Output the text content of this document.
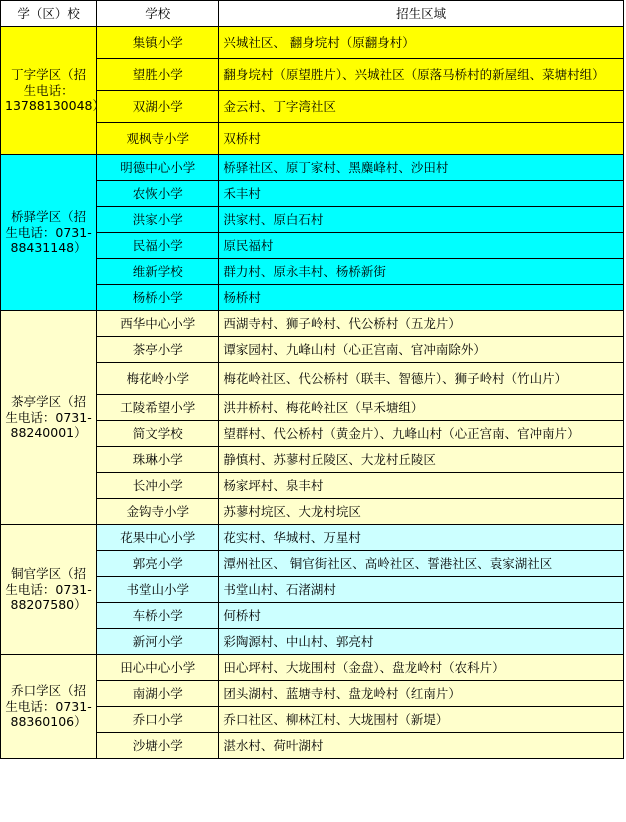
学（区）校	学校	招生区域
丁字学区（招生电话：13788130048）	集镇小学	兴城社区、 翻身垸村（原翻身村）
	望胜小学	翻身垸村（原望胜片）、兴城社区（原落马桥村的新屋组、菜塘村组）
	双湖小学	金云村、丁字湾社区
	观枫寺小学	双桥村
桥驿学区（招生电话：0731-88431148）	明德中心小学	桥驿社区、原丁家村、黑麋峰村、沙田村
	农恢小学	禾丰村
	洪家小学	洪家村、原白石村
	民福小学	原民福村
	维新学校	群力村、原永丰村、杨桥新街
	杨桥小学	杨桥村
茶亭学区（招生电话：0731-88240001）	西华中心小学	西湖寺村、狮子岭村、代公桥村（五龙片）
	茶亭小学	谭家园村、九峰山村（心正宫南、官冲南除外）
	梅花岭小学	梅花岭社区、代公桥村（联丰、智德片）、狮子岭村（竹山片）
	工陵希望小学	洪井桥村、梅花岭社区（早禾塘组）
	简文学校	望群村、代公桥村（黄金片）、九峰山村（心正宫南、官冲南片）
	珠琳小学	静慎村、苏蓼村丘陵区、大龙村丘陵区
	长冲小学	杨家坪村、泉丰村
	金钩寺小学	苏蓼村垸区、大龙村垸区
铜官学区（招生电话：0731-88207580）	花果中心小学	花实村、华城村、万星村
	郭亮小学	潭州社区、 铜官街社区、高岭社区、誓港社区、袁家湖社区
	书堂山小学	书堂山村、石渚湖村
	车桥小学	何桥村
	新河小学	彩陶源村、中山村、郭亮村
乔口学区（招生电话：0731-88360106）	田心中心小学	田心坪村、大垅围村（金盘）、盘龙岭村（农科片）
	南湖小学	团头湖村、蓝塘寺村、盘龙岭村（红南片）
	乔口小学	乔口社区、柳林江村、大垅围村（新堤）
	沙塘小学	湛水村、荷叶湖村
